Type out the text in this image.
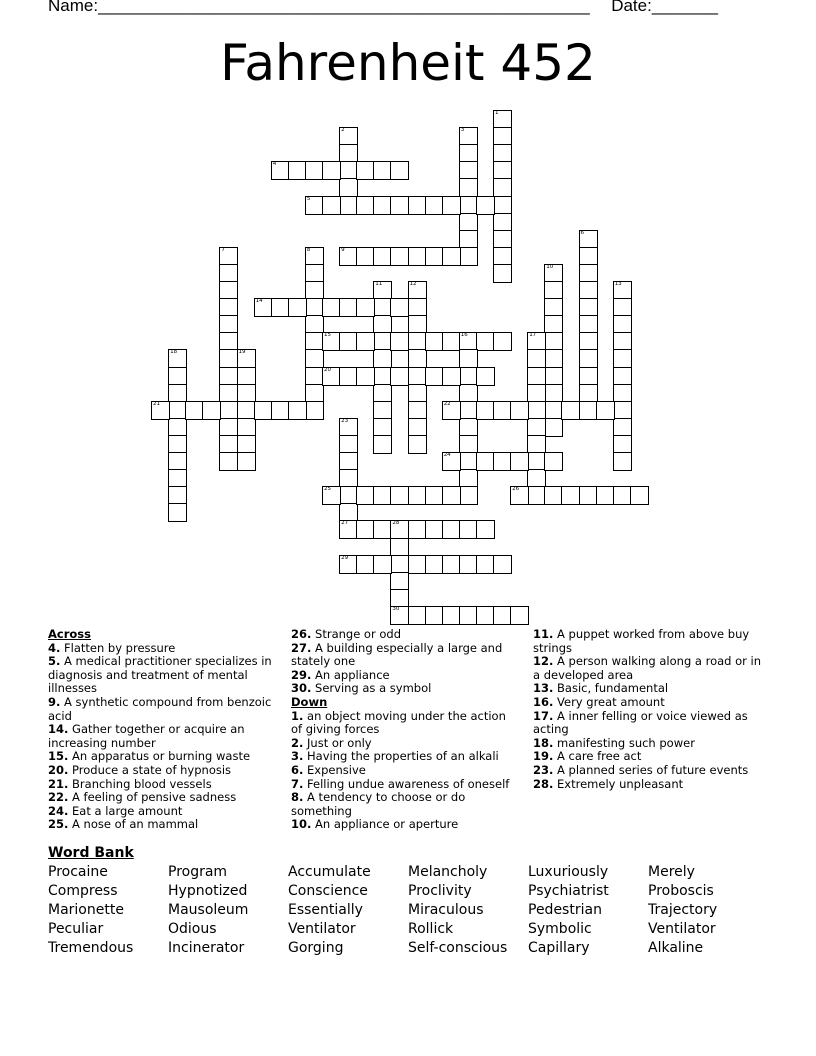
Name:____________________________________________________ Date:_______
Fahrenheit 452
1
2	3
4
5
6
7	8	9
10
11	12	13
14
15	16	17
18	19
20
21	22
23
27
24
25	26
28
30
29
Across
4. Flatten by pressure
5. A medical practitioner specializes in diagnosis and treatment of mental illnesses
9. A synthetic compound from benzoic acid
14. Gather together or acquire an increasing number
15. An apparatus or burning waste
20. Produce a state of hypnosis
21. Branching blood vessels
22. A feeling of pensive sadness
24. Eat a large amount
25. A nose of an mammal
26. Strange or odd
27. A building especially a large and stately one
29. An appliance
30. Serving as a symbol
Down
1. an object moving under the action of giving forces
2. Just or only
3. Having the properties of an alkali
6. Expensive
7. Felling undue awareness of oneself
8. A tendency to choose or do something
10. An appliance or aperture
11. A puppet worked from above buy strings
12. A person walking along a road or in a developed area
13. Basic, fundamental
16. Very great amount
17. A inner felling or voice viewed as acting
18. manifesting such power
19. A care free act
23. A planned series of future events
28. Extremely unpleasant
Word Bank
Procaine	Program	Accumulate	Melancholy	Luxuriously	Merely
Compress	Hypnotized	Conscience	Proclivity	Psychiatrist	Proboscis
Marionette	Mausoleum	Essentially	Miraculous	Pedestrian	Trajectory
Peculiar	Odious	Ventilator	Rollick	Symbolic	Ventilator
Tremendous	Incinerator	Gorging	Self-conscious	Capillary	Alkaline
